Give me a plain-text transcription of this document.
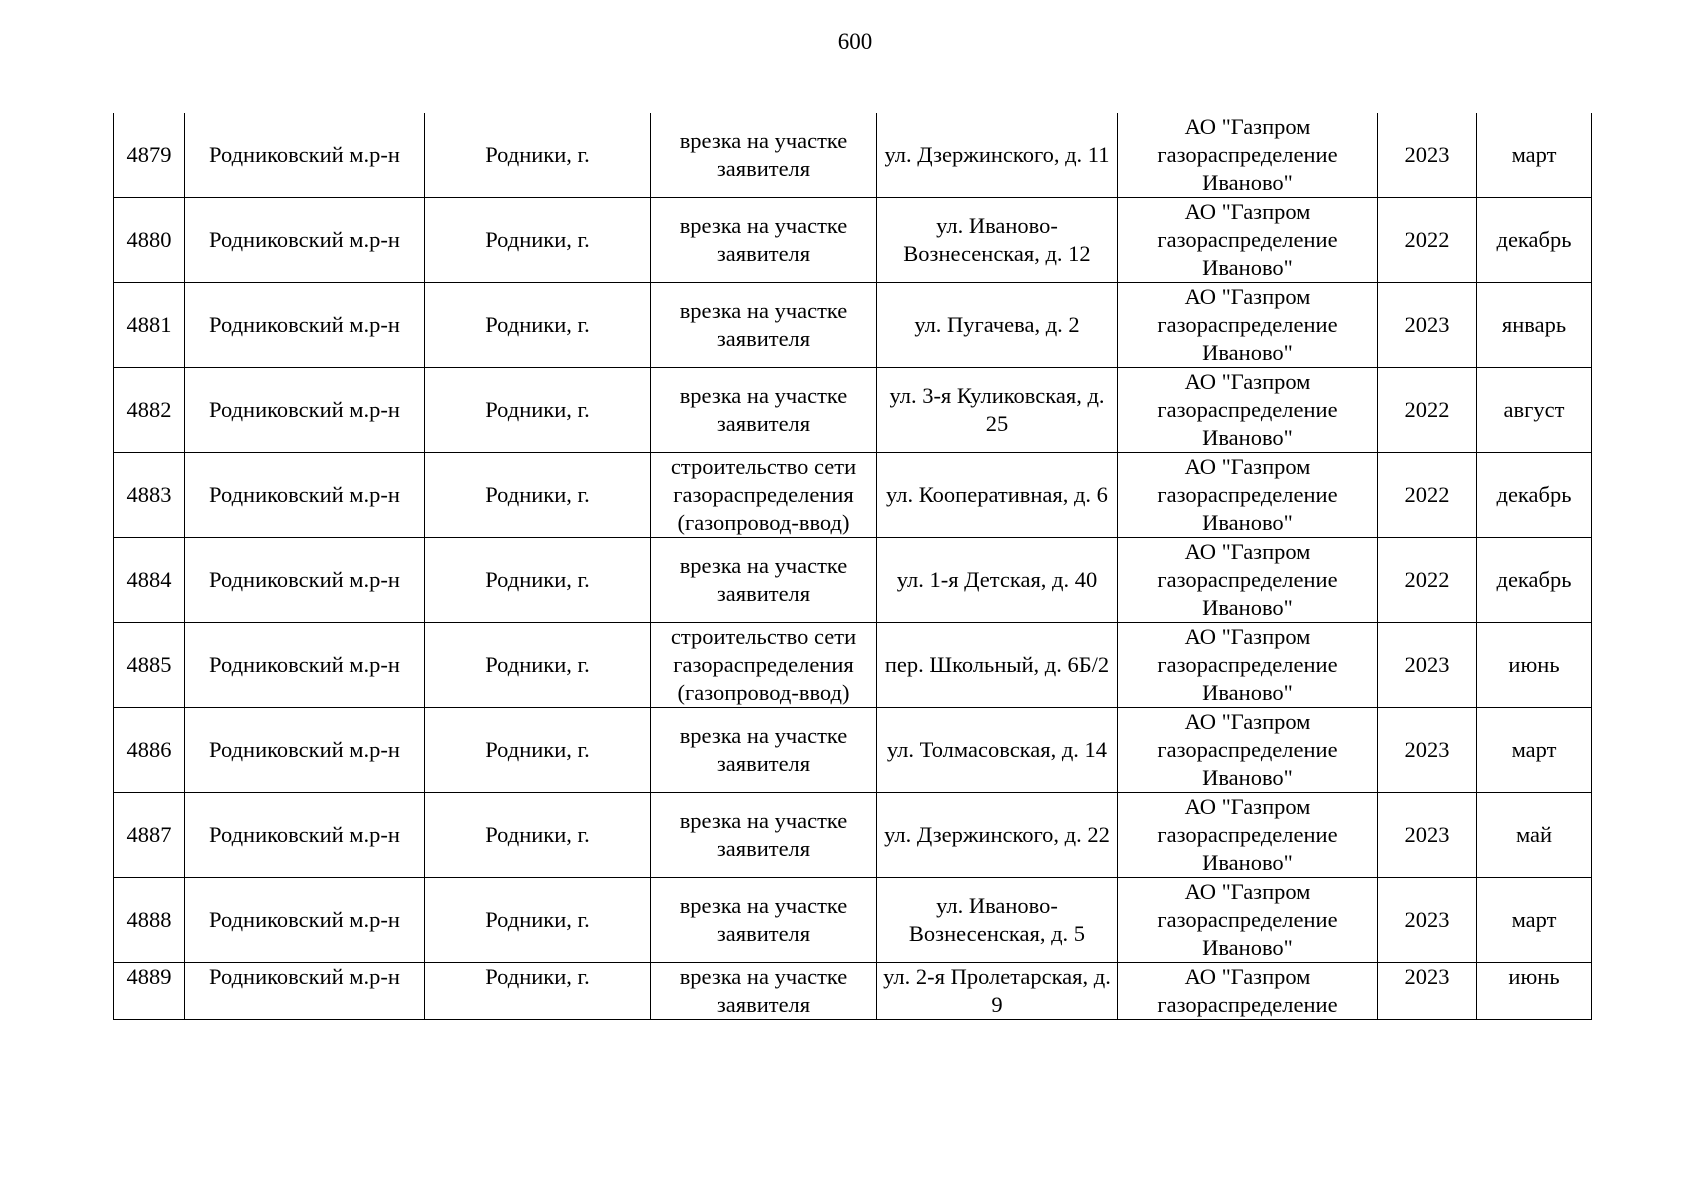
600
4879	Родниковский м.р-н	Родники, г.	врезка на участке заявителя	ул. Дзержинского, д. 11	АО "Газпром газораспределение Иваново"	2023	март
4880	Родниковский м.р-н	Родники, г.	врезка на участке заявителя	ул. Иваново-Вознесенская, д. 12	АО "Газпром газораспределение Иваново"	2022	декабрь
4881	Родниковский м.р-н	Родники, г.	врезка на участке заявителя	ул. Пугачева, д. 2	АО "Газпром газораспределение Иваново"	2023	январь
4882	Родниковский м.р-н	Родники, г.	врезка на участке заявителя	ул. 3-я Куликовская, д. 25	АО "Газпром газораспределение Иваново"	2022	август
4883	Родниковский м.р-н	Родники, г.	строительство сети газораспределения (газопровод-ввод)	ул. Кооперативная, д. 6	АО "Газпром газораспределение Иваново"	2022	декабрь
4884	Родниковский м.р-н	Родники, г.	врезка на участке заявителя	ул. 1-я Детская, д. 40	АО "Газпром газораспределение Иваново"	2022	декабрь
4885	Родниковский м.р-н	Родники, г.	строительство сети газораспределения (газопровод-ввод)	пер. Школьный, д. 6Б/2	АО "Газпром газораспределение Иваново"	2023	июнь
4886	Родниковский м.р-н	Родники, г.	врезка на участке заявителя	ул. Толмасовская, д. 14	АО "Газпром газораспределение Иваново"	2023	март
4887	Родниковский м.р-н	Родники, г.	врезка на участке заявителя	ул. Дзержинского, д. 22	АО "Газпром газораспределение Иваново"	2023	май
4888	Родниковский м.р-н	Родники, г.	врезка на участке заявителя	ул. Иваново-Вознесенская, д. 5	АО "Газпром газораспределение Иваново"	2023	март
4889	Родниковский м.р-н	Родники, г.	врезка на участке заявителя	ул. 2-я Пролетарская, д. 9	АО "Газпром газораспределение	2023	июнь
